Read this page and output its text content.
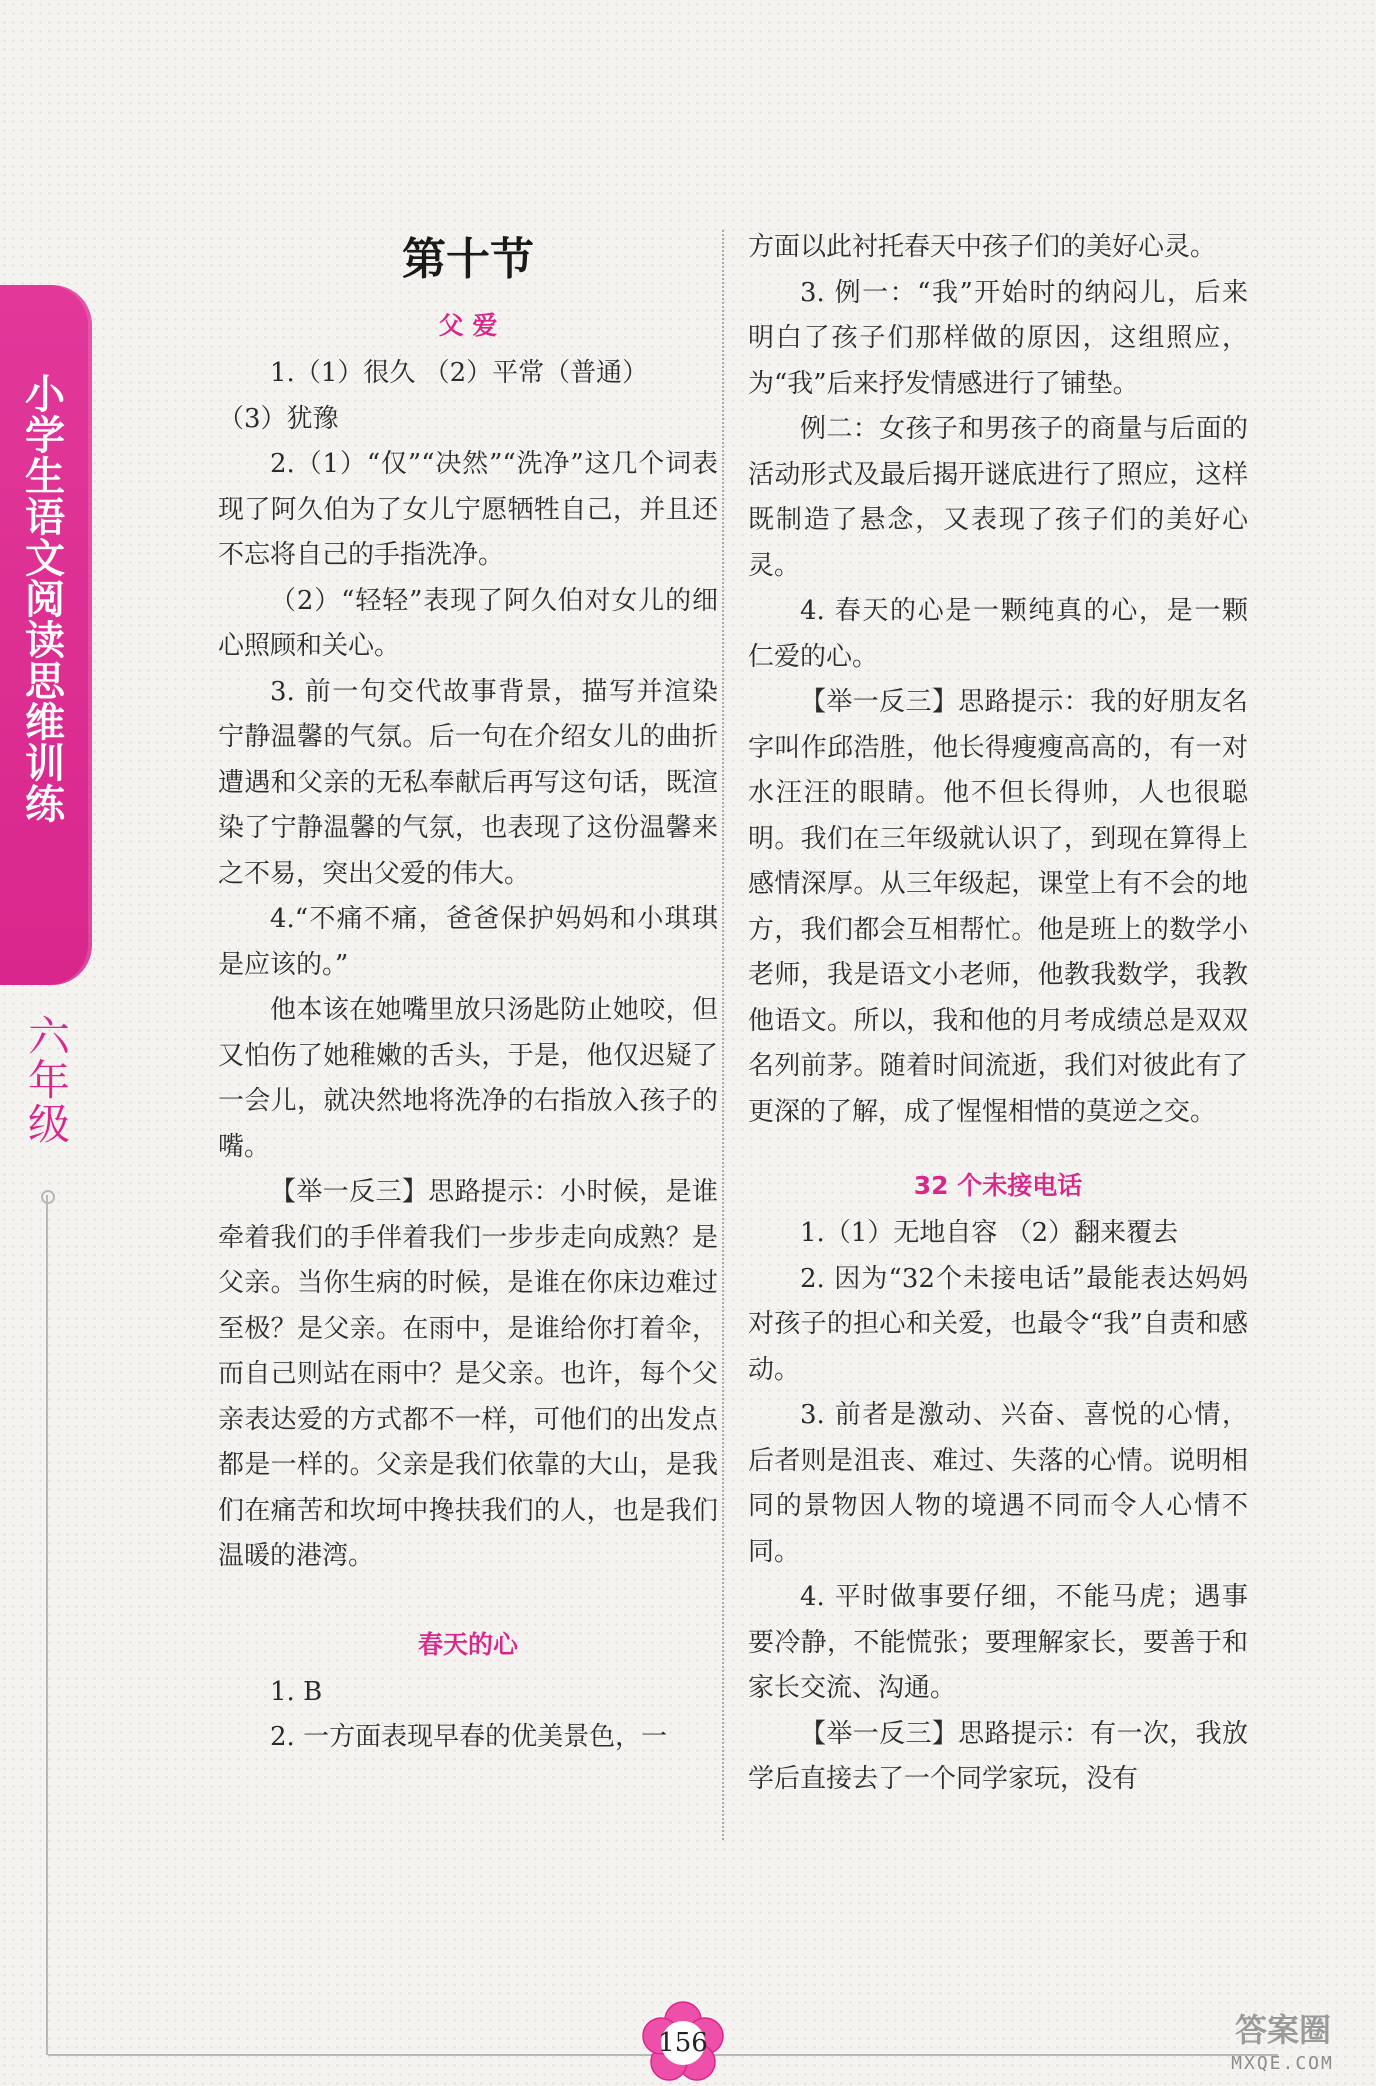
小学生语文阅读思维训练
六年级
第十节
父 爱

1.（1）很久 （2）平常（普通）

（3）犹豫

2.（1）“仅”“决然”“洗净”这几个词表现了阿久伯为了女儿宁愿牺牲自己，并且还不忘将自己的手指洗净。

（2）“轻轻”表现了阿久伯对女儿的细心照顾和关心。

3. 前一句交代故事背景，描写并渲染宁静温馨的气氛。后一句在介绍女儿的曲折遭遇和父亲的无私奉献后再写这句话，既渲染了宁静温馨的气氛，也表现了这份温馨来之不易，突出父爱的伟大。

4.“不痛不痛，爸爸保护妈妈和小琪琪是应该的。”

他本该在她嘴里放只汤匙防止她咬，但又怕伤了她稚嫩的舌头，于是，他仅迟疑了一会儿，就决然地将洗净的右指放入孩子的嘴。

【举一反三】思路提示：小时候，是谁牵着我们的手伴着我们一步步走向成熟？是父亲。当你生病的时候，是谁在你床边难过至极？是父亲。在雨中，是谁给你打着伞，而自己则站在雨中？是父亲。也许，每个父亲表达爱的方式都不一样，可他们的出发点都是一样的。父亲是我们依靠的大山，是我们在痛苦和坎坷中搀扶我们的人，也是我们温暖的港湾。

春天的心

1. B

2. 一方面表现早春的优美景色，一

方面以此衬托春天中孩子们的美好心灵。

3. 例一：“我”开始时的纳闷儿，后来明白了孩子们那样做的原因，这组照应，为“我”后来抒发情感进行了铺垫。

例二：女孩子和男孩子的商量与后面的活动形式及最后揭开谜底进行了照应，这样既制造了悬念，又表现了孩子们的美好心灵。

4. 春天的心是一颗纯真的心，是一颗仁爱的心。

【举一反三】思路提示：我的好朋友名字叫作邱浩胜，他长得瘦瘦高高的，有一对水汪汪的眼睛。他不但长得帅，人也很聪明。我们在三年级就认识了，到现在算得上感情深厚。从三年级起，课堂上有不会的地方，我们都会互相帮忙。他是班上的数学小老师，我是语文小老师，他教我数学，我教他语文。所以，我和他的月考成绩总是双双名列前茅。随着时间流逝，我们对彼此有了更深的了解，成了惺惺相惜的莫逆之交。

32 个未接电话

1.（1）无地自容 （2）翻来覆去

2. 因为“32个未接电话”最能表达妈妈对孩子的担心和关爱，也最令“我”自责和感动。

3. 前者是激动、兴奋、喜悦的心情，后者则是沮丧、难过、失落的心情。说明相同的景物因人物的境遇不同而令人心情不同。

4. 平时做事要仔细，不能马虎；遇事要冷静，不能慌张；要理解家长，要善于和家长交流、沟通。

【举一反三】思路提示：有一次，我放学后直接去了一个同学家玩，没有

156	答案圈
MXQE.COM
